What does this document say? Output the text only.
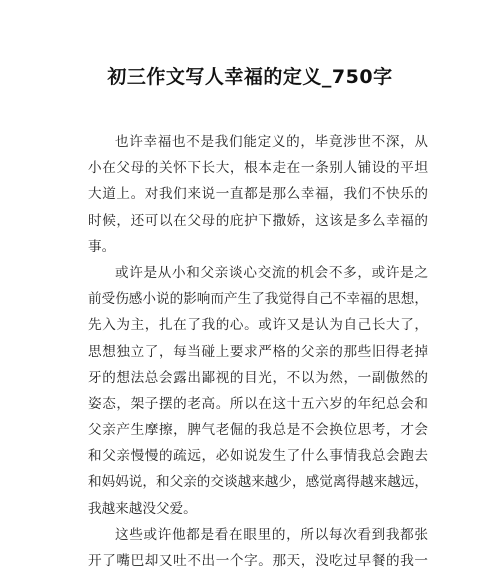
初三作文写人幸福的定义_750字
也许幸福也不是我们能定义的，毕竟涉世不深，从
小在父母的关怀下长大，根本走在一条别人铺设的平坦
大道上。对我们来说一直都是那么幸福，我们不快乐的
时候，还可以在父母的庇护下撒娇，这该是多么幸福的
事。
或许是从小和父亲谈心交流的机会不多，或许是之
前受伤感小说的影响而产生了我觉得自己不幸福的思想，
先入为主，扎在了我的心。或许又是认为自己长大了，
思想独立了，每当碰上要求严格的父亲的那些旧得老掉
牙的想法总会露出鄙视的目光，不以为然，一副傲然的
姿态，架子摆的老高。所以在这十五六岁的年纪总会和
父亲产生摩擦，脾气老倔的我总是不会换位思考，才会
和父亲慢慢的疏远，必如说发生了什么事情我总会跑去
和妈妈说，和父亲的交谈越来越少，感觉离得越来越远，
我越来越没父爱。
这些或许他都是看在眼里的，所以每次看到我都张
开了嘴巴却又吐不出一个字。那天，没吃过早餐的我一
